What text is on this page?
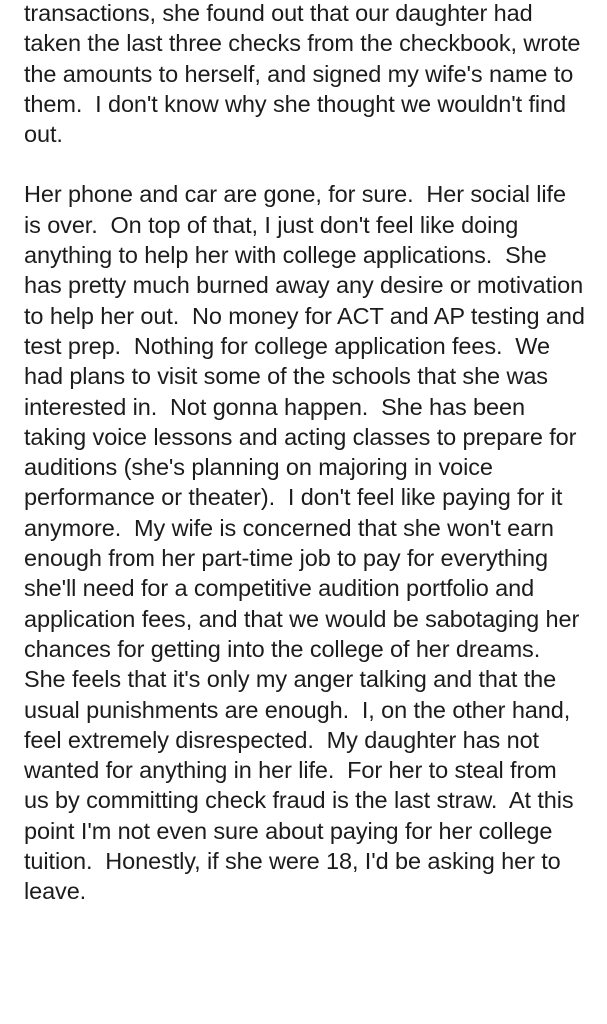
transactions, she found out that our daughter had taken the last three checks from the checkbook, wrote the amounts to herself, and signed my wife's name to them.  I don't know why she thought we wouldn't find out.

Her phone and car are gone, for sure.  Her social life is over.  On top of that, I just don't feel like doing anything to help her with college applications.  She has pretty much burned away any desire or motivation to help her out.  No money for ACT and AP testing and test prep.  Nothing for college application fees.  We had plans to visit some of the schools that she was interested in.  Not gonna happen.  She has been taking voice lessons and acting classes to prepare for auditions (she's planning on majoring in voice performance or theater).  I don't feel like paying for it anymore.  My wife is concerned that she won't earn enough from her part-time job to pay for everything she'll need for a competitive audition portfolio and application fees, and that we would be sabotaging her chances for getting into the college of her dreams.  She feels that it's only my anger talking and that the usual punishments are enough.  I, on the other hand, feel extremely disrespected.  My daughter has not wanted for anything in her life.  For her to steal from us by committing check fraud is the last straw.  At this point I'm not even sure about paying for her college tuition.  Honestly, if she were 18, I'd be asking her to leave.
